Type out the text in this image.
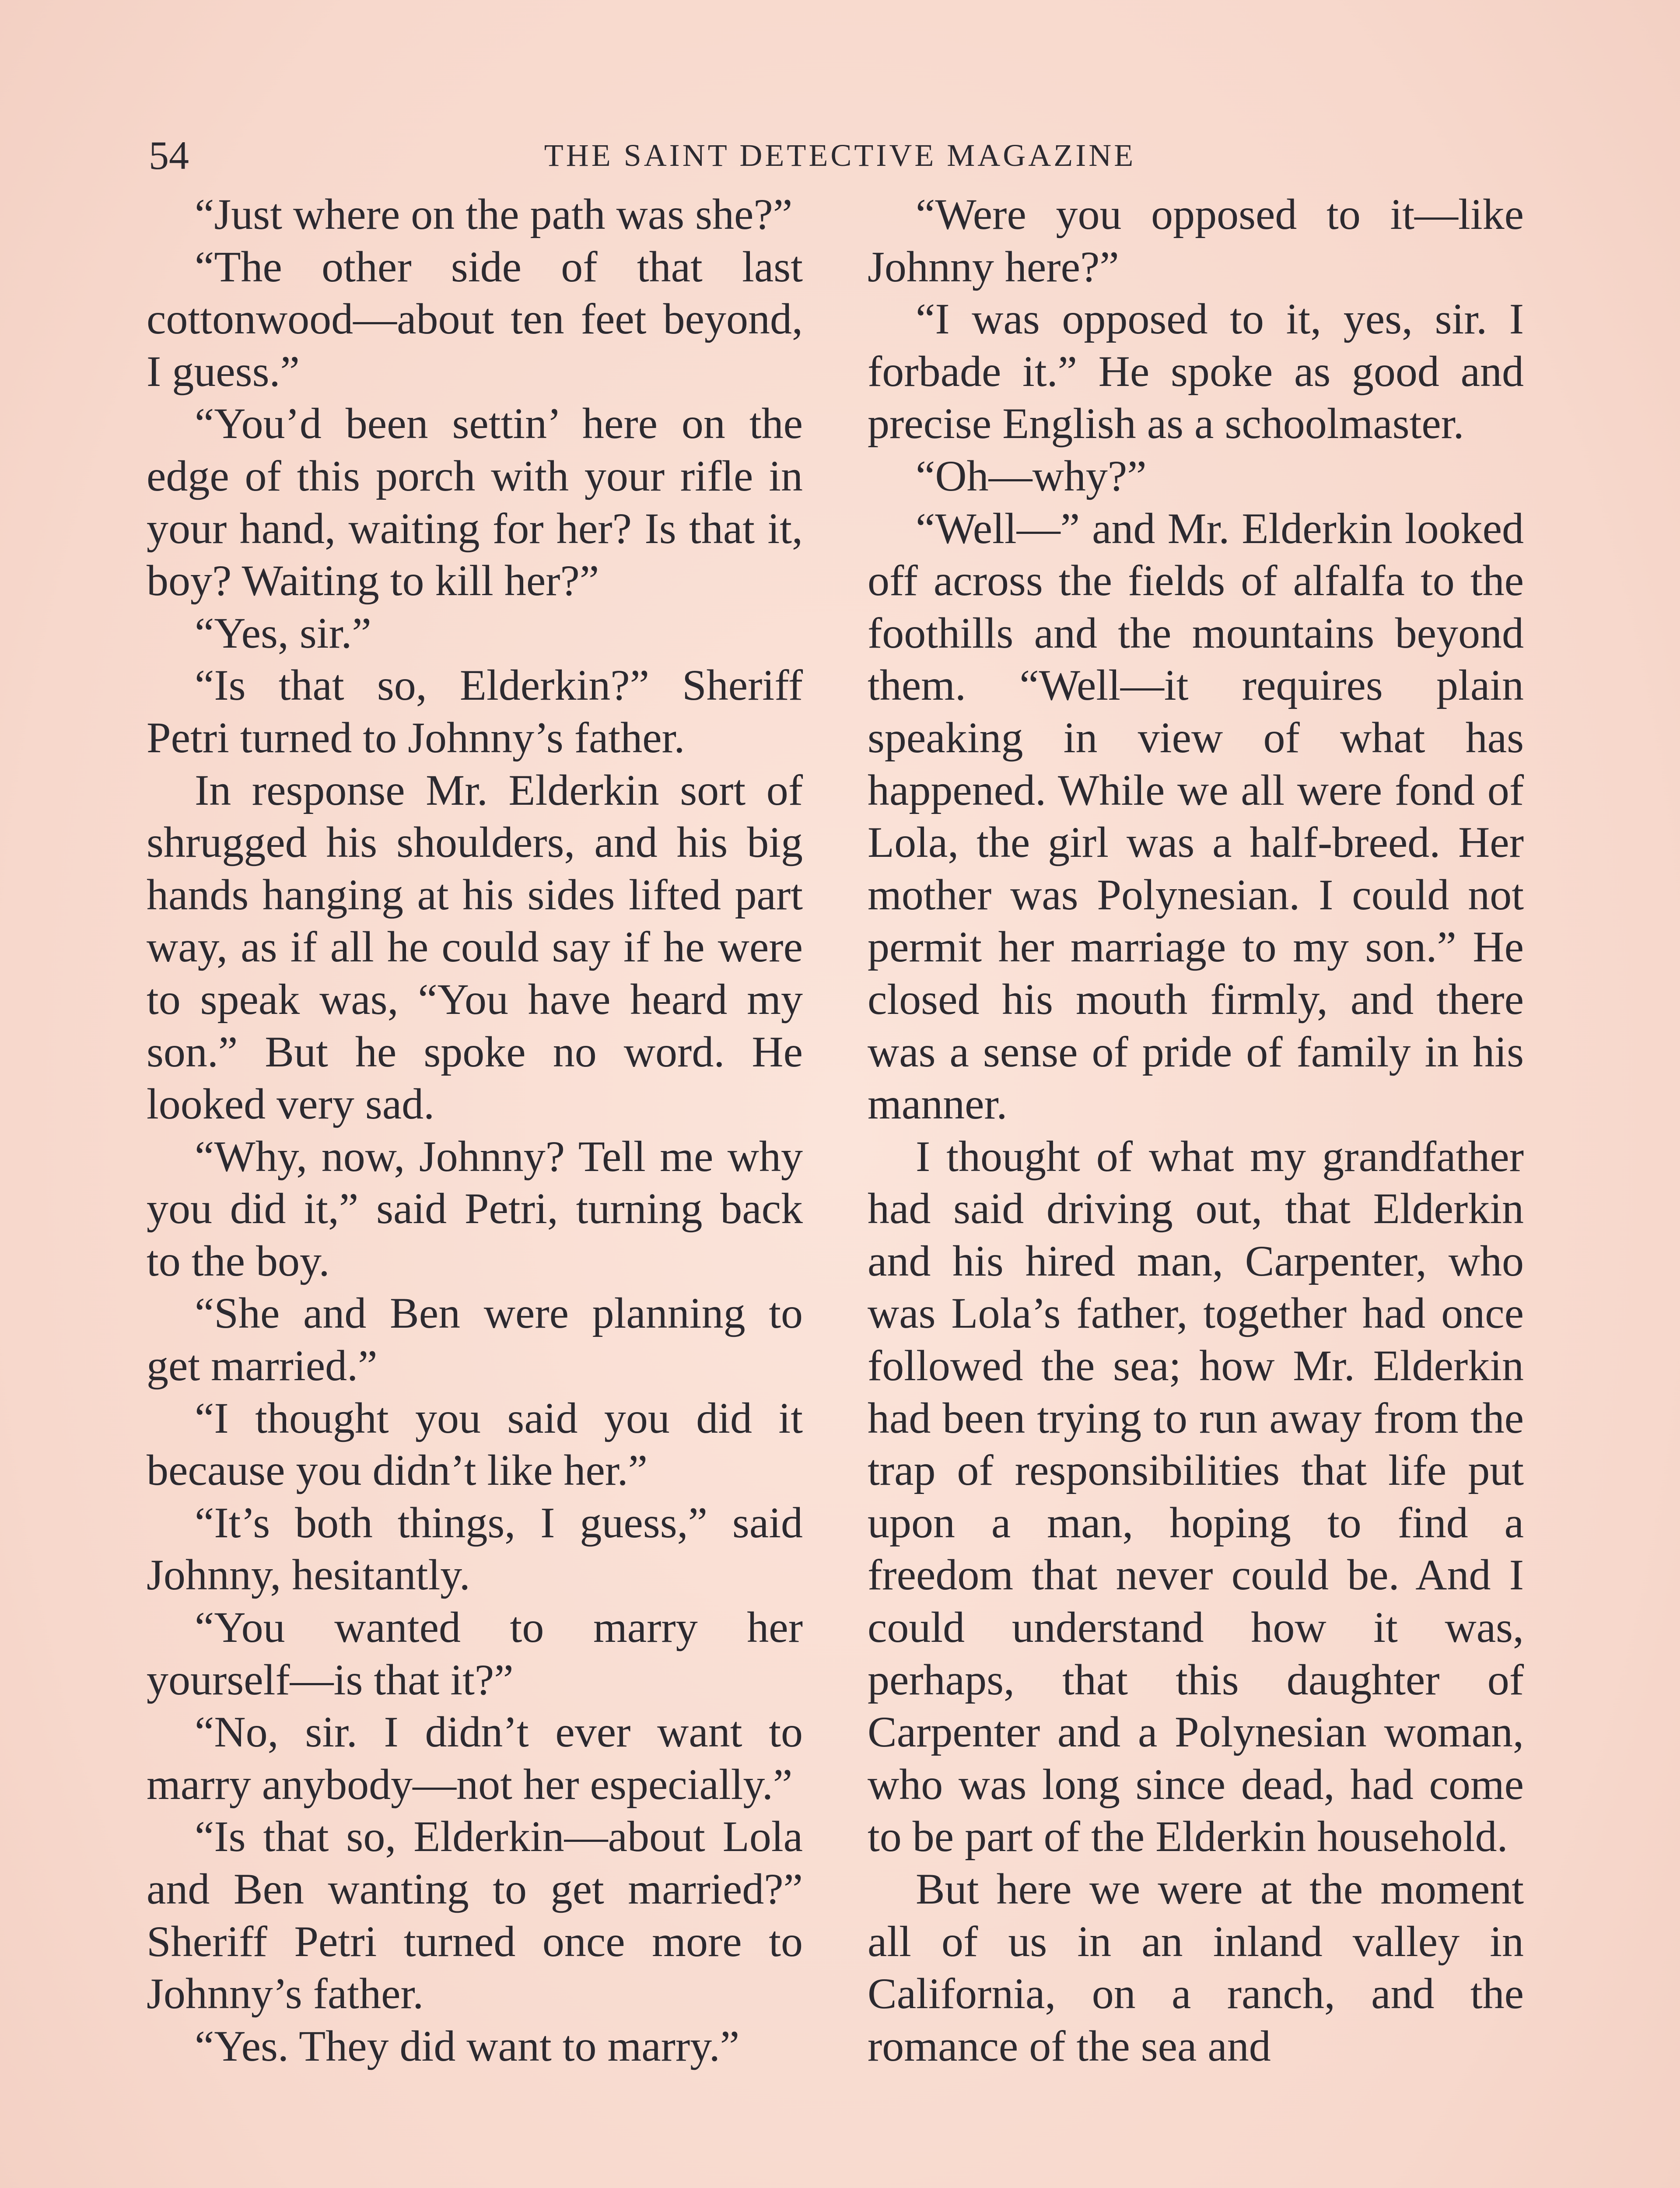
54	THE SAINT DETECTIVE MAGAZINE

“Just where on the path was she?”

“The other side of that last cottonwood—about ten feet beyond, I guess.”

“You’d been settin’ here on the edge of this porch with your rifle in your hand, waiting for her? Is that it, boy? Waiting to kill her?”

“Yes, sir.”

“Is that so, Elderkin?” Sheriff Petri turned to Johnny’s father.

In response Mr. Elderkin sort of shrugged his shoulders, and his big hands hanging at his sides lifted part way, as if all he could say if he were to speak was, “You have heard my son.” But he spoke no word. He looked very sad.

“Why, now, Johnny? Tell me why you did it,” said Petri, turning back to the boy.

“She and Ben were planning to get married.”

“I thought you said you did it because you didn’t like her.”

“It’s both things, I guess,” said Johnny, hesitantly.

“You wanted to marry her yourself—is that it?”

“No, sir. I didn’t ever want to marry anybody—not her especially.”

“Is that so, Elderkin—about Lola and Ben wanting to get married?” Sheriff Petri turned once more to Johnny’s father.

“Yes. They did want to marry.”

“Were you opposed to it—like Johnny here?”

“I was opposed to it, yes, sir. I forbade it.” He spoke as good and precise English as a schoolmaster.

“Oh—why?”

“Well—” and Mr. Elderkin looked off across the fields of alfalfa to the foothills and the mountains beyond them. “Well—it requires plain speaking in view of what has happened. While we all were fond of Lola, the girl was a half-breed. Her mother was Polynesian. I could not permit her marriage to my son.” He closed his mouth firmly, and there was a sense of pride of family in his manner.

I thought of what my grandfather had said driving out, that Elderkin and his hired man, Carpenter, who was Lola’s father, together had once followed the sea; how Mr. Elderkin had been trying to run away from the trap of responsibilities that life put upon a man, hoping to find a freedom that never could be. And I could understand how it was, perhaps, that this daughter of Carpenter and a Polynesian woman, who was long since dead, had come to be part of the Elderkin household.

But here we were at the moment all of us in an inland valley in California, on a ranch, and the romance of the sea and
